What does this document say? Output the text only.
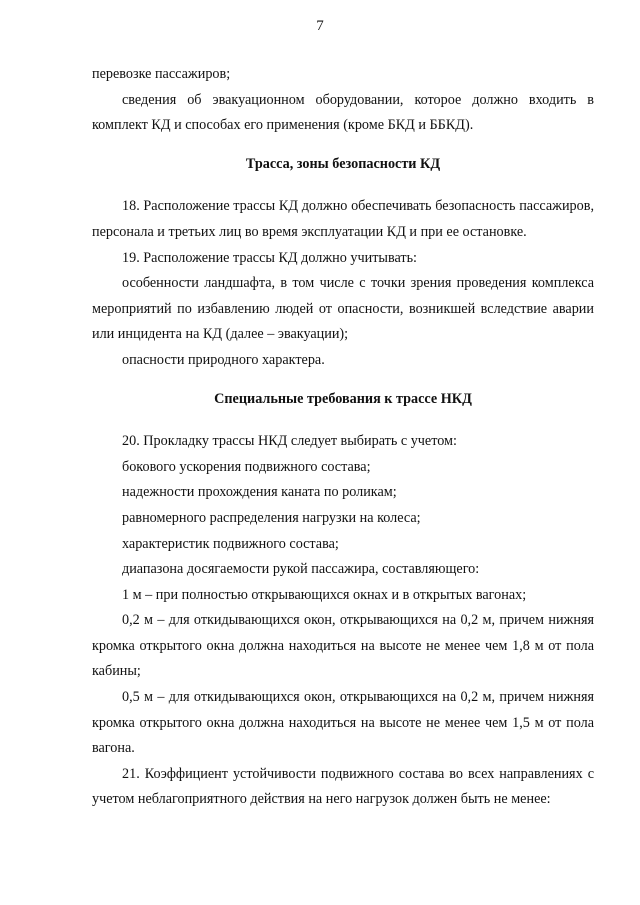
7

перевозке пассажиров;

сведения об эвакуационном оборудовании, которое должно входить в комплект КД и способах его применения (кроме БКД и ББКД).

Трасса, зоны безопасности КД

18. Расположение трассы КД должно обеспечивать безопасность пассажиров, персонала и третьих лиц во время эксплуатации КД и при ее остановке.

19. Расположение трассы КД должно учитывать:

особенности ландшафта, в том числе с точки зрения проведения комплекса мероприятий по избавлению людей от опасности, возникшей вследствие аварии или инцидента на КД (далее – эвакуации);

опасности природного характера.

Специальные требования к трассе НКД

20. Прокладку трассы НКД следует выбирать с учетом:

бокового ускорения подвижного состава;

надежности прохождения каната по роликам;

равномерного распределения нагрузки на колеса;

характеристик подвижного состава;

диапазона досягаемости рукой пассажира, составляющего:

1 м – при полностью открывающихся окнах и в открытых вагонах;

0,2 м – для откидывающихся окон, открывающихся на 0,2 м, причем нижняя кромка открытого окна должна находиться на высоте не менее чем 1,8 м от пола кабины;

0,5 м – для откидывающихся окон, открывающихся на 0,2 м, причем нижняя кромка открытого окна должна находиться на высоте не менее чем 1,5 м от пола вагона.

21. Коэффициент устойчивости подвижного состава во всех направлениях с учетом неблагоприятного действия на него нагрузок должен быть не менее:
